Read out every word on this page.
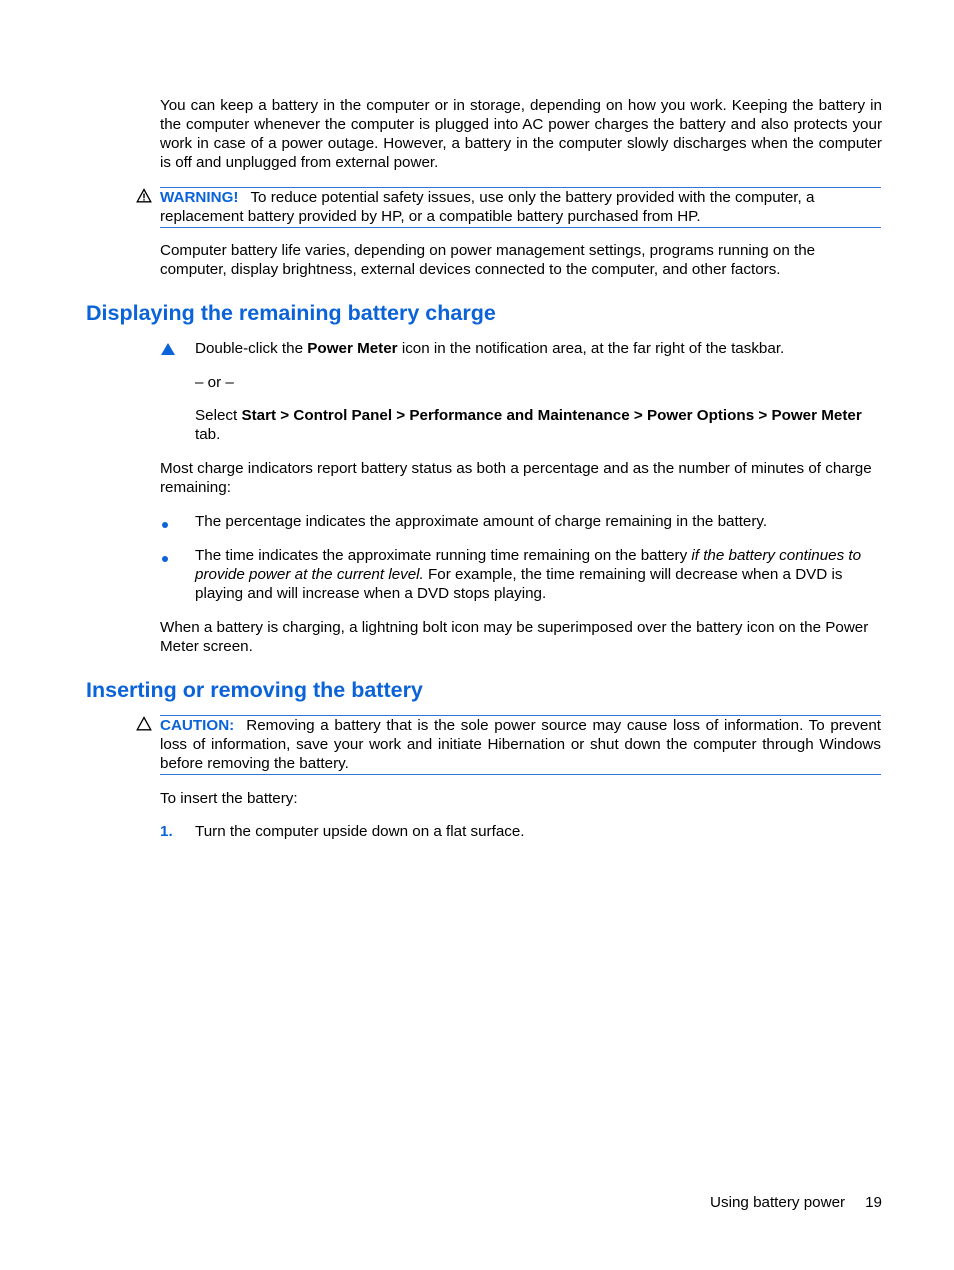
You can keep a battery in the computer or in storage, depending on how you work. Keeping the battery in the computer whenever the computer is plugged into AC power charges the battery and also protects your work in case of a power outage. However, a battery in the computer slowly discharges when the computer is off and unplugged from external power.

WARNING! To reduce potential safety issues, use only the battery provided with the computer, a replacement battery provided by HP, or a compatible battery purchased from HP.

Computer battery life varies, depending on power management settings, programs running on the computer, display brightness, external devices connected to the computer, and other factors.

Displaying the remaining battery charge

Double-click the Power Meter icon in the notification area, at the far right of the taskbar.

– or –

Select Start > Control Panel > Performance and Maintenance > Power Options > Power Meter tab.

Most charge indicators report battery status as both a percentage and as the number of minutes of charge remaining:

The percentage indicates the approximate amount of charge remaining in the battery.

The time indicates the approximate running time remaining on the battery if the battery continues to provide power at the current level. For example, the time remaining will decrease when a DVD is playing and will increase when a DVD stops playing.

When a battery is charging, a lightning bolt icon may be superimposed over the battery icon on the Power Meter screen.

Inserting or removing the battery
CAUTION: Removing a battery that is the sole power source may cause loss of information. To prevent loss of information, save your work and initiate Hibernation or shut down the computer through Windows before removing the battery.

To insert the battery:

1. Turn the computer upside down on a flat surface.

Using battery power 19
